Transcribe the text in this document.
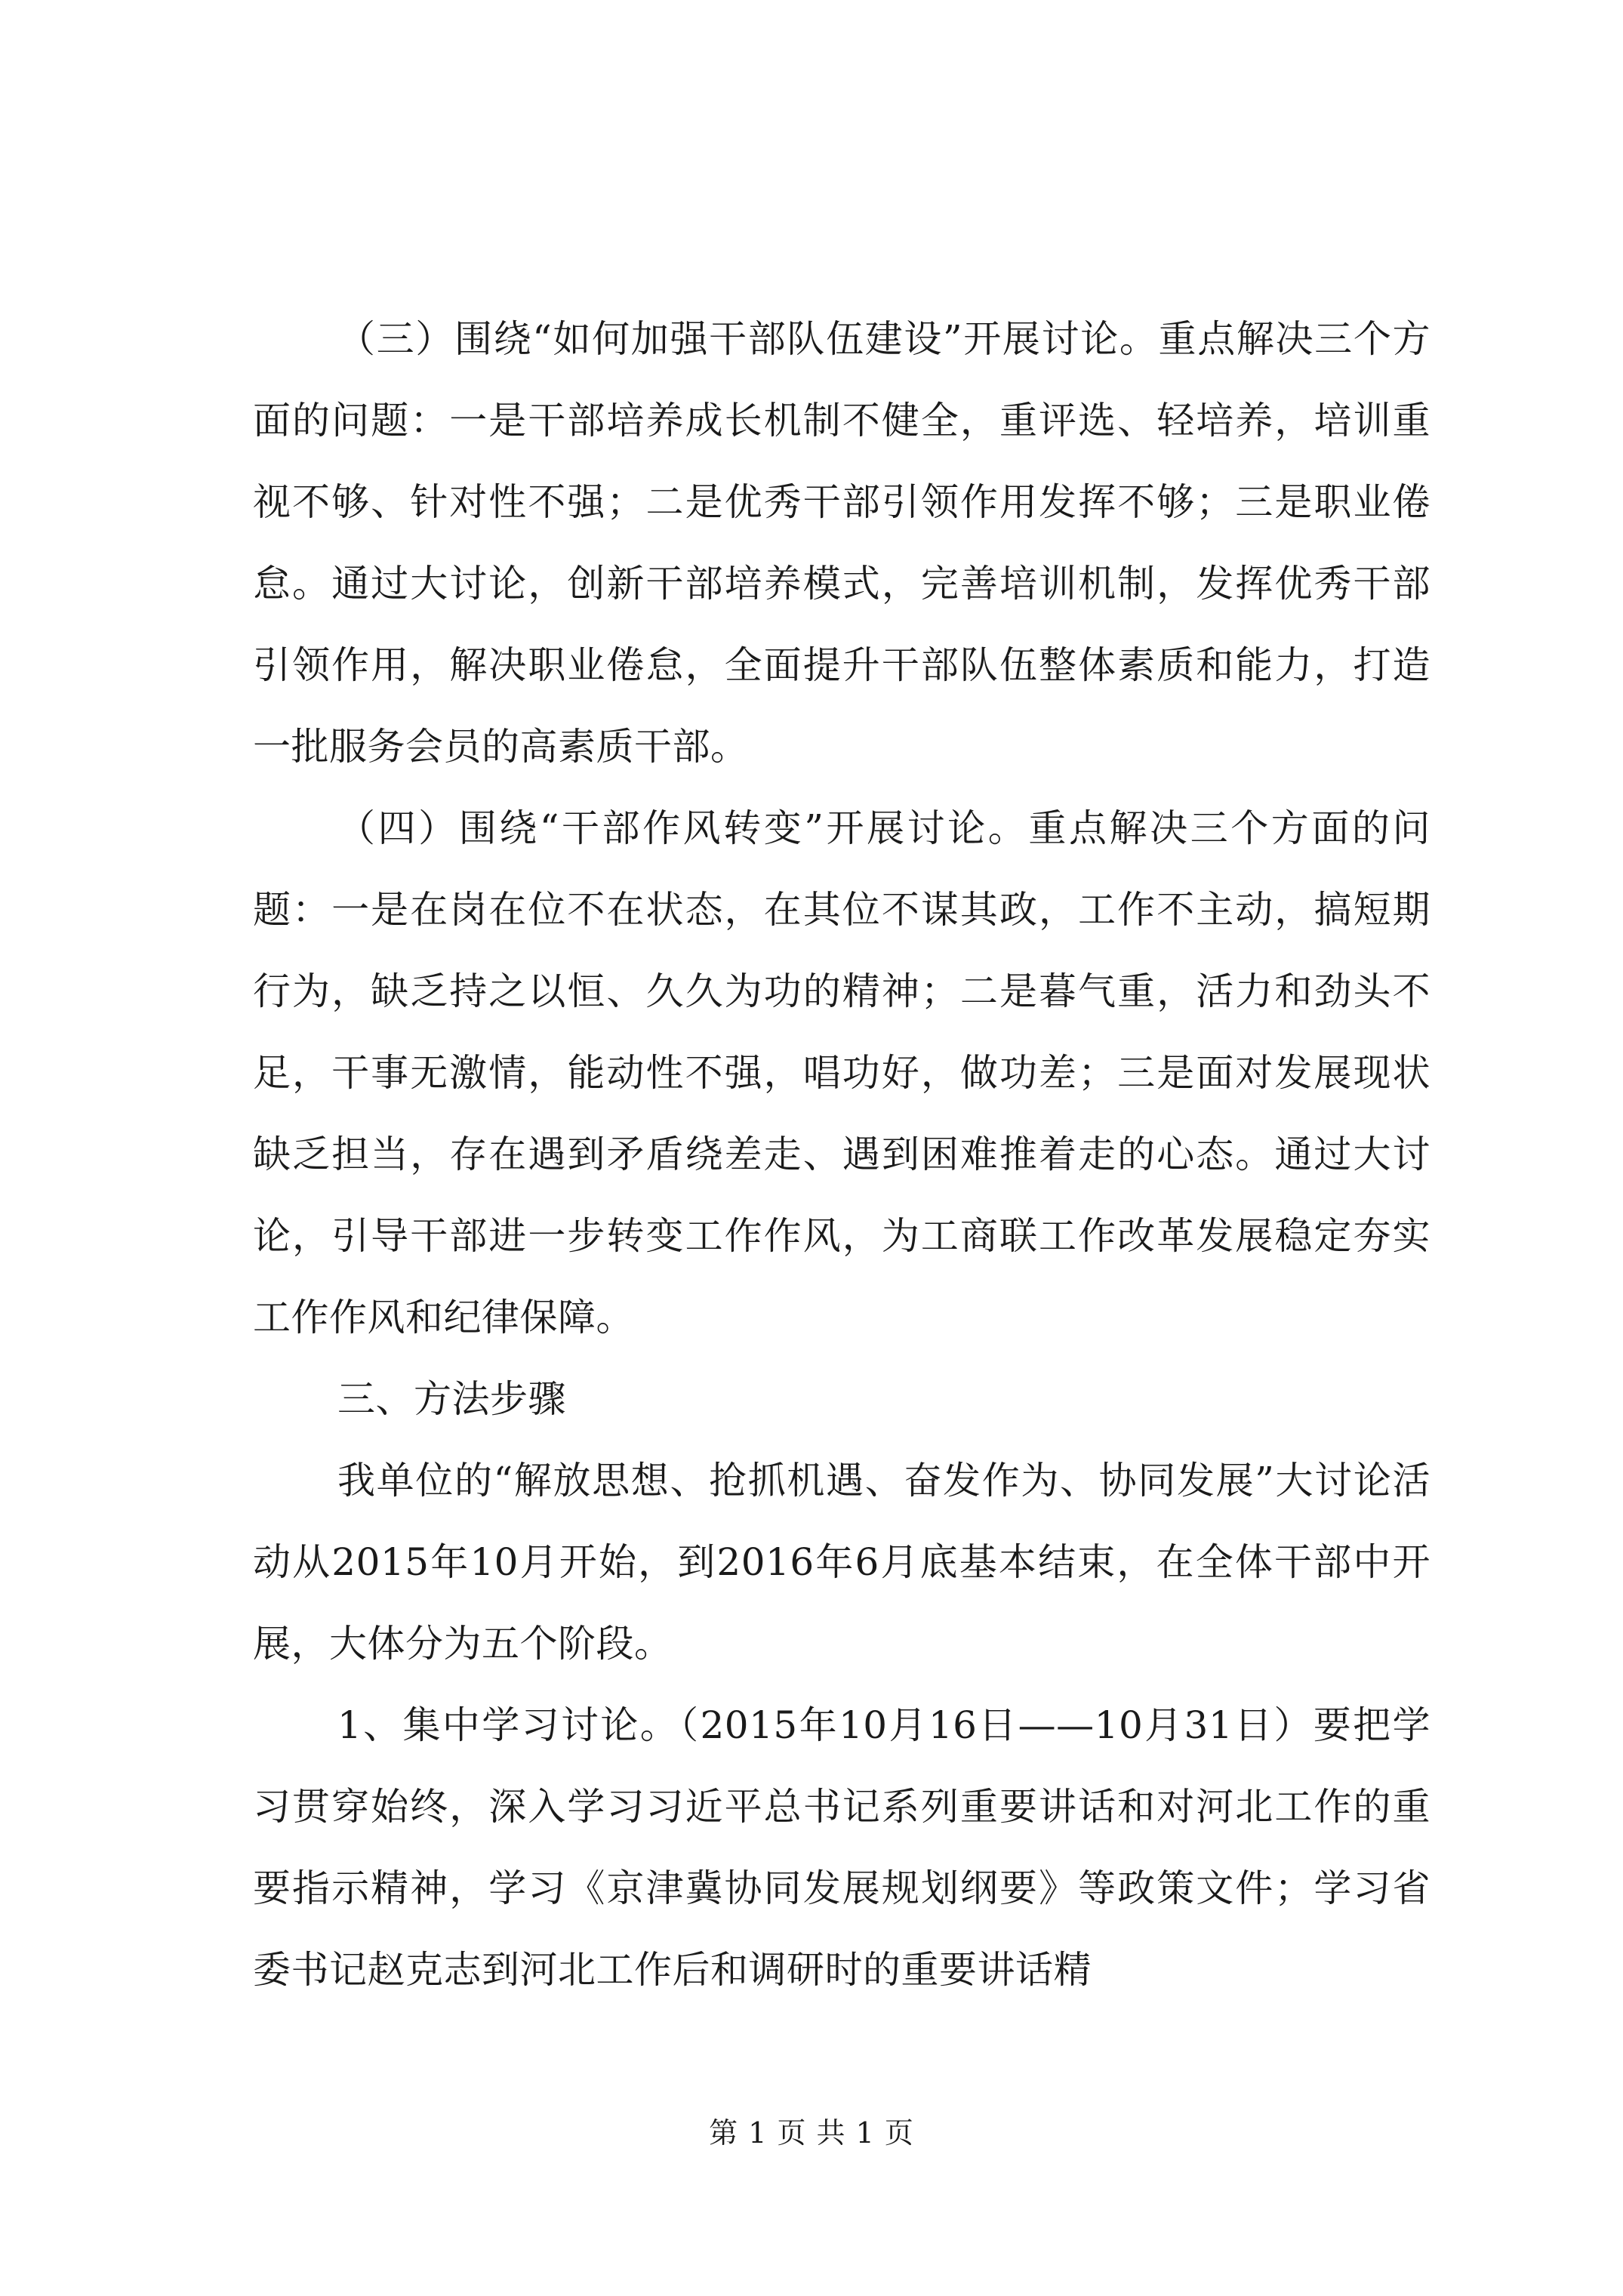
（三）围绕“如何加强干部队伍建设”开展讨论。重点解决三个方面的问题：一是干部培养成长机制不健全，重评选、轻培养，培训重视不够、针对性不强；二是优秀干部引领作用发挥不够；三是职业倦怠。通过大讨论，创新干部培养模式，完善培训机制，发挥优秀干部引领作用，解决职业倦怠，全面提升干部队伍整体素质和能力，打造一批服务会员的高素质干部。

（四）围绕“干部作风转变”开展讨论。重点解决三个方面的问题：一是在岗在位不在状态，在其位不谋其政，工作不主动，搞短期行为，缺乏持之以恒、久久为功的精神；二是暮气重，活力和劲头不足，干事无激情，能动性不强，唱功好，做功差；三是面对发展现状缺乏担当，存在遇到矛盾绕差走、遇到困难推着走的心态。通过大讨论，引导干部进一步转变工作作风，为工商联工作改革发展稳定夯实工作作风和纪律保障。

三、方法步骤

我单位的“解放思想、抢抓机遇、奋发作为、协同发展”大讨论活动从2015年10月开始，到2016年6月底基本结束，在全体干部中开展，大体分为五个阶段。

1、集中学习讨论。（2015年10月16日——10月31日）要把学习贯穿始终，深入学习习近平总书记系列重要讲话和对河北工作的重要指示精神，学习《京津冀协同发展规划纲要》等政策文件；学习省委书记赵克志到河北工作后和调研时的重要讲话精

第 1 页 共 1 页
